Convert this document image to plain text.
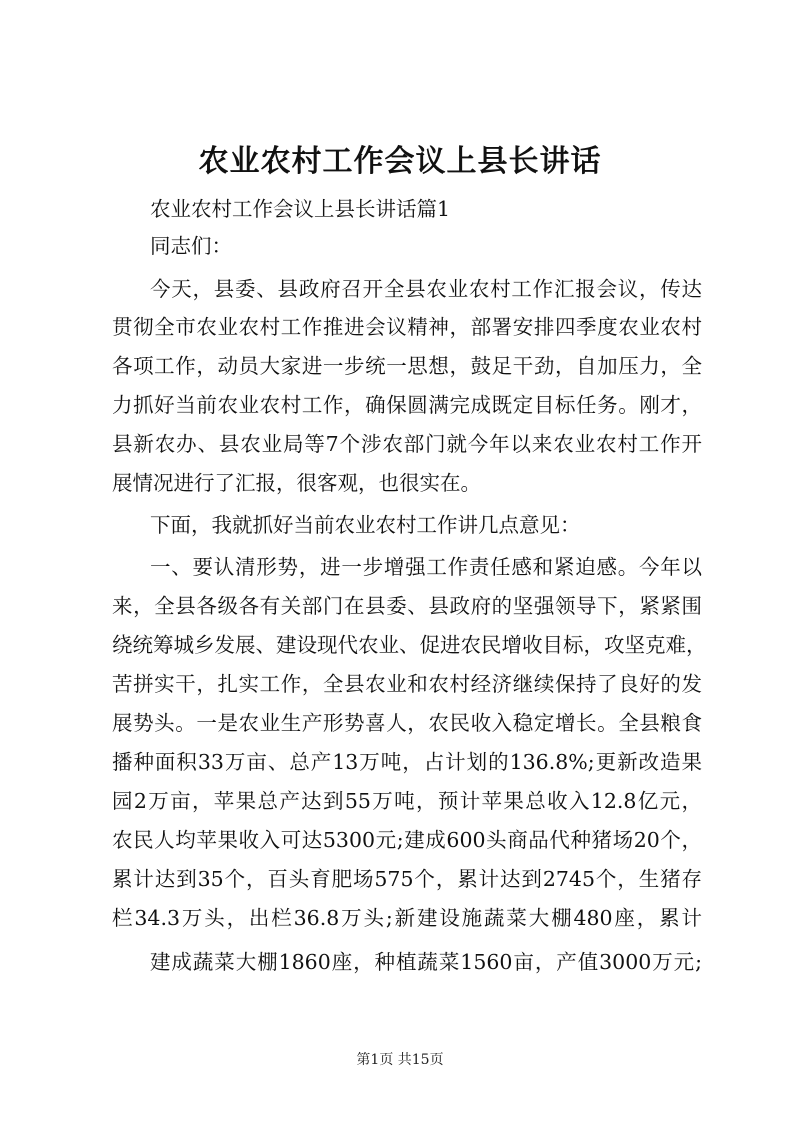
农业农村工作会议上县长讲话
农业农村工作会议上县长讲话篇1
同志们：
今天，县委、县政府召开全县农业农村工作汇报会议，传达
贯彻全市农业农村工作推进会议精神，部署安排四季度农业农村
各项工作，动员大家进一步统一思想，鼓足干劲，自加压力，全
力抓好当前农业农村工作，确保圆满完成既定目标任务。刚才，
县新农办、县农业局等7个涉农部门就今年以来农业农村工作开
展情况进行了汇报，很客观，也很实在。
下面，我就抓好当前农业农村工作讲几点意见：
一、要认清形势，进一步增强工作责任感和紧迫感。今年以
来，全县各级各有关部门在县委、县政府的坚强领导下，紧紧围
绕统筹城乡发展、建设现代农业、促进农民增收目标，攻坚克难，
苦拼实干，扎实工作，全县农业和农村经济继续保持了良好的发
展势头。一是农业生产形势喜人，农民收入稳定增长。全县粮食
播种面积33万亩、总产13万吨，占计划的136.8%;更新改造果
园2万亩，苹果总产达到55万吨，预计苹果总收入12.8亿元，
农民人均苹果收入可达5300元;建成600头商品代种猪场20个，
累计达到35个，百头育肥场575个，累计达到2745个，生猪存
栏34.3万头，出栏36.8万头;新建设施蔬菜大棚480座，累计
建成蔬菜大棚1860座，种植蔬菜1560亩，产值3000万元;
第1页 共15页
